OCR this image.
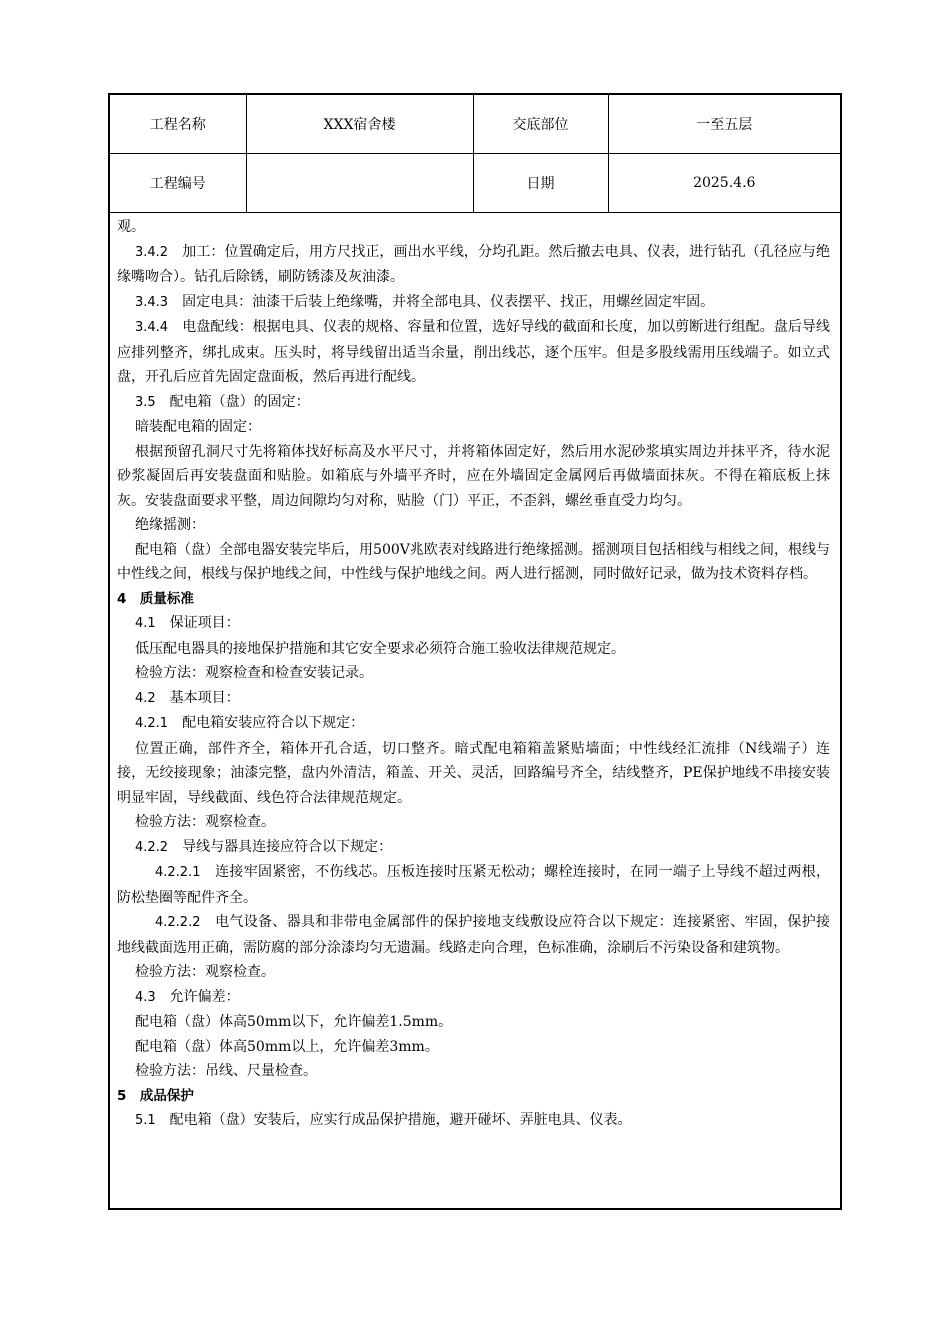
工程名称	XXX宿舍楼	交底部位	一至五层
工程编号		日期	2025.4.6

观。

3.4.2　加工：位置确定后，用方尺找正，画出水平线，分均孔距。然后撤去电具、仪表，进行钻孔（孔径应与绝缘嘴吻合）。钻孔后除锈，刷防锈漆及灰油漆。

3.4.3　固定电具：油漆干后装上绝缘嘴，并将全部电具、仪表摆平、找正，用螺丝固定牢固。

3.4.4　电盘配线：根据电具、仪表的规格、容量和位置，选好导线的截面和长度，加以剪断进行组配。盘后导线应排列整齐，绑扎成束。压头时，将导线留出适当余量，削出线芯，逐个压牢。但是多股线需用压线端子。如立式盘，开孔后应首先固定盘面板，然后再进行配线。

3.5　配电箱（盘）的固定：

暗装配电箱的固定：

根据预留孔洞尺寸先将箱体找好标高及水平尺寸，并将箱体固定好，然后用水泥砂浆填实周边并抹平齐，待水泥砂浆凝固后再安装盘面和贴脸。如箱底与外墙平齐时，应在外墙固定金属网后再做墙面抹灰。不得在箱底板上抹灰。安装盘面要求平整，周边间隙均匀对称，贴脸（门）平正，不歪斜，螺丝垂直受力均匀。

绝缘摇测：

配电箱（盘）全部电器安装完毕后，用500V兆欧表对线路进行绝缘摇测。摇测项目包括相线与相线之间，根线与中性线之间，根线与保护地线之间，中性线与保护地线之间。两人进行摇测，同时做好记录，做为技术资料存档。

4　质量标准

4.1　保证项目：

低压配电器具的接地保护措施和其它安全要求必须符合施工验收法律规范规定。

检验方法：观察检查和检查安装记录。

4.2　基本项目：

4.2.1　配电箱安装应符合以下规定：

位置正确，部件齐全，箱体开孔合适，切口整齐。暗式配电箱箱盖紧贴墙面；中性线经汇流排（N线端子）连接，无绞接现象；油漆完整，盘内外清洁，箱盖、开关、灵活，回路编号齐全，结线整齐，PE保护地线不串接安装明显牢固，导线截面、线色符合法律规范规定。

检验方法：观察检查。

4.2.2　导线与器具连接应符合以下规定：

4.2.2.1　连接牢固紧密，不伤线芯。压板连接时压紧无松动；螺栓连接时，在同一端子上导线不超过两根，防松垫圈等配件齐全。

4.2.2.2　电气设备、器具和非带电金属部件的保护接地支线敷设应符合以下规定：连接紧密、牢固，保护接地线截面选用正确，需防腐的部分涂漆均匀无遗漏。线路走向合理，色标准确，涂刷后不污染设备和建筑物。

检验方法：观察检查。

4.3　允许偏差：

配电箱（盘）体高50mm以下，允许偏差1.5mm。

配电箱（盘）体高50mm以上，允许偏差3mm。

检验方法：吊线、尺量检查。

5　成品保护

5.1　配电箱（盘）安装后，应实行成品保护措施，避开碰坏、弄脏电具、仪表。
